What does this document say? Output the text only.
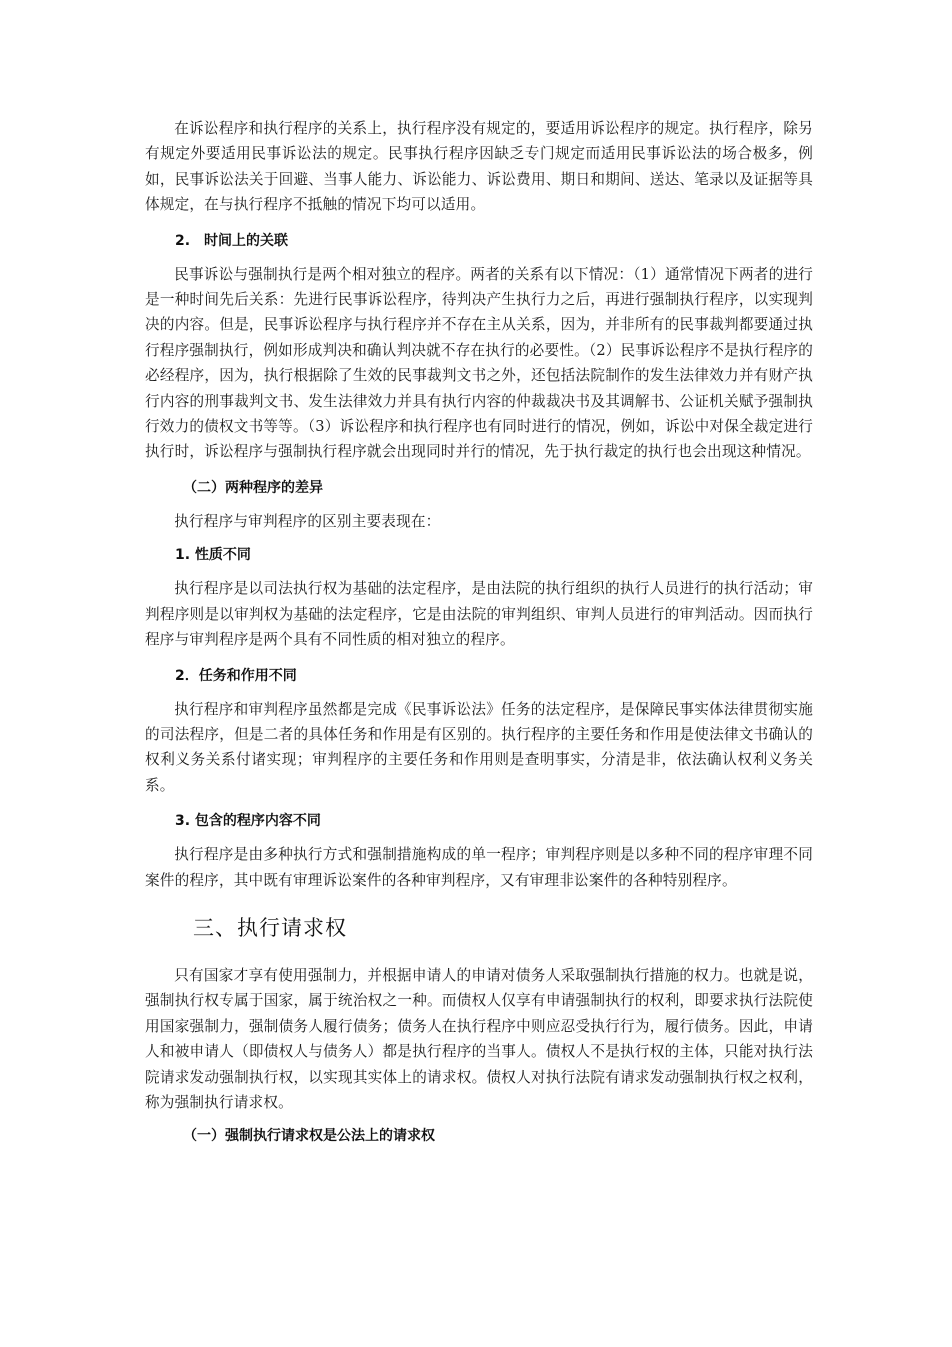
在诉讼程序和执行程序的关系上，执行程序没有规定的，要适用诉讼程序的规定。执行程序，除另有规定外要适用民事诉讼法的规定。民事执行程序因缺乏专门规定而适用民事诉讼法的场合极多，例如，民事诉讼法关于回避、当事人能力、诉讼能力、诉讼费用、期日和期间、送达、笔录以及证据等具体规定，在与执行程序不抵触的情况下均可以适用。

2.　时间上的关联

民事诉讼与强制执行是两个相对独立的程序。两者的关系有以下情况：（1）通常情况下两者的进行是一种时间先后关系：先进行民事诉讼程序，待判决产生执行力之后，再进行强制执行程序，以实现判决的内容。但是，民事诉讼程序与执行程序并不存在主从关系，因为，并非所有的民事裁判都要通过执行程序强制执行，例如形成判决和确认判决就不存在执行的必要性。（2）民事诉讼程序不是执行程序的必经程序，因为，执行根据除了生效的民事裁判文书之外，还包括法院制作的发生法律效力并有财产执行内容的刑事裁判文书、发生法律效力并具有执行内容的仲裁裁决书及其调解书、公证机关赋予强制执行效力的债权文书等等。（3）诉讼程序和执行程序也有同时进行的情况，例如，诉讼中对保全裁定进行执行时，诉讼程序与强制执行程序就会出现同时并行的情况，先于执行裁定的执行也会出现这种情况。

（二）两种程序的差异

执行程序与审判程序的区别主要表现在：

1. 性质不同

执行程序是以司法执行权为基础的法定程序，是由法院的执行组织的执行人员进行的执行活动；审判程序则是以审判权为基础的法定程序，它是由法院的审判组织、审判人员进行的审判活动。因而执行程序与审判程序是两个具有不同性质的相对独立的程序。

2．任务和作用不同

执行程序和审判程序虽然都是完成《民事诉讼法》任务的法定程序，是保障民事实体法律贯彻实施的司法程序，但是二者的具体任务和作用是有区别的。执行程序的主要任务和作用是使法律文书确认的权利义务关系付诸实现；审判程序的主要任务和作用则是查明事实，分清是非，依法确认权利义务关系。

3. 包含的程序内容不同

执行程序是由多种执行方式和强制措施构成的单一程序；审判程序则是以多种不同的程序审理不同案件的程序，其中既有审理诉讼案件的各种审判程序，又有审理非讼案件的各种特别程序。

三、执行请求权

只有国家才享有使用强制力，并根据申请人的申请对债务人采取强制执行措施的权力。也就是说，强制执行权专属于国家，属于统治权之一种。而债权人仅享有申请强制执行的权利，即要求执行法院使用国家强制力，强制债务人履行债务；债务人在执行程序中则应忍受执行行为，履行债务。因此，申请人和被申请人（即债权人与债务人）都是执行程序的当事人。债权人不是执行权的主体，只能对执行法院请求发动强制执行权，以实现其实体上的请求权。债权人对执行法院有请求发动强制执行权之权利，称为强制执行请求权。

（一）强制执行请求权是公法上的请求权
